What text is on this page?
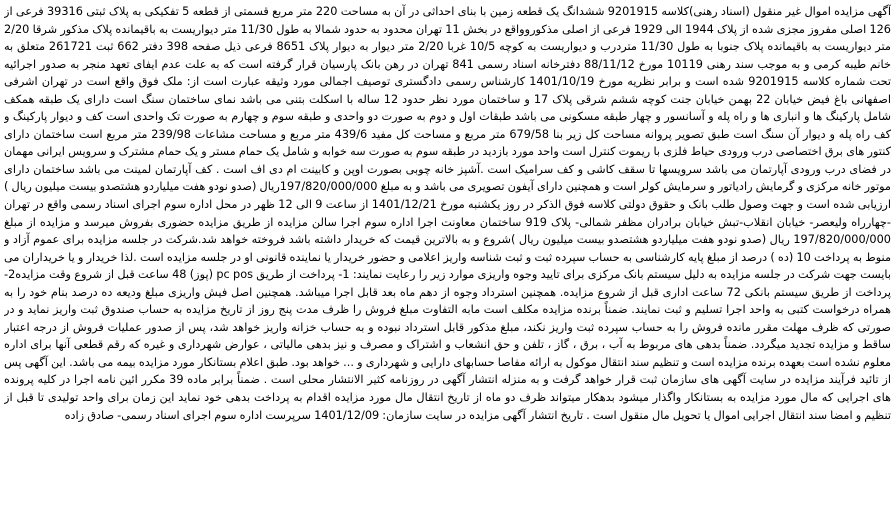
آگهی مزایده اموال غیر منقول (اسناد رهنی)کلاسه 9201915 ششدانگ یک قطعه زمین با بنای احداثی در آن به مساحت 220 متر مربع قسمتی از قطعه 5 تفکیکی به پلاک ثبتی 39316 فرعی از 126 اصلی مفروز مجزی شده از پلاک 1944 الی 1929 فرعی از اصلی مذکوروواقع در بخش 11 تهران محدود به حدود شمالا به طول 11/30 متر دیواریست به باقیمانده پلاک مذکور شرقا 2/20 متر دیواریست به باقیمانده پلاک جنوبا به طول 11/30 متردرب و دیواریست به کوچه 10/5 غربا 2/20 متر دیوار به دیوار پلاک 8651 فرعی ذیل صفحه 398 دفتر 662 ثبت 261721 متعلق به خانم طیبه کرمی و به موجب سند رهنی 10119 مورخ 88/11/12 دفترخانه اسناد رسمی 841 تهران در رهن بانک پارسیان قرار گرفته است که به علت عدم ایفای تعهد منجر به صدور اجرائیه تحت شماره کلاسه 9201915 شده است و برابر نظریه مورخ 1401/10/19 کارشناس رسمی دادگستری توصیف اجمالی مورد وثیقه عبارت است از: ملک فوق واقع است در تهران اشرفی اصفهانی باغ فیض خیابان 22 بهمن خیابان جنت کوچه ششم شرقی پلاک 17 و ساختمان مورد نظر حدود 12 ساله با اسکلت بتنی می باشد نمای ساختمان سنگ است دارای یک طبقه همکف شامل پارکینگ ها و انباری ها و راه پله و آسانسور و چهار طبقه مسکونی می باشد طبقات اول و دوم به صورت دو واحدی و طبقه سوم و چهارم به صورت تک واحدی است کف و دیوار پارکینگ و کف راه پله و دیوار آن سنگ است طبق تصویر پروانه مساحت کل زیر بنا 679/58 متر مربع و مساحت کل مفید 439/6 متر مربع و مساحت مشاعات 239/98 متر مربع است ساختمان دارای کنتور های برق اختصاصی درب ورودی حیاط فلزی با ریموت کنترل است واحد مورد بازدید در طبقه سوم به صورت سه خوابه و شامل یک حمام مستر و یک حمام مشترک و سرویس ایرانی مهمان در فضای درب ورودی آپارتمان می باشد سرویسها تا سقف کاشی و کف سرامیک است .آشپز خانه چوبی بصورت اوپن و کابینت ام دی اف است . کف آپارتمان لمینت می باشد ساختمان دارای موتور خانه مرکزی و گرمایش رادیاتور و سرمایش کولر است و همچنین دارای آیفون تصویری می باشد و به مبلغ 197/820/000/000ریال (صدو نودو هفت میلیاردو هشتصدو بیست میلیون ریال ) ارزیابی شده است و جهت وصول طلب بانک و حقوق دولتی کلاسه فوق الذکر در روز یکشنبه مورخ 1401/12/21 از ساعت 9 الی 12 ظهر در محل اداره سوم اجرای اسناد رسمی واقع در تهران -چهارراه ولیعصر- خیابان انقلاب-تبش خیابان برادران مظفر شمالی- پلاک 919 ساختمان معاونت اجرا اداره سوم اجرا سالن مزایده از طریق مزایده حضوری بفروش میرسد و مزایده از مبلغ 197/820/000/000 ریال (صدو نودو هفت میلیاردو هشتصدو بیست میلیون ریال )شروع و به بالاترین قیمت که خریدار داشته باشد فروخته خواهد شد.شرکت در جلسه مزایده برای عموم آزاد و منوط به پرداخت 10 (ده ) درصد از مبلغ پایه کارشناسی به حساب سپرده ثبت و ثبت شناسه واریز اعلامی و حضور خریدار یا نماینده قانونی او در جلسه مزایده است .لذا خریدار و یا خریداران می بایست جهت شرکت در جلسه مزایده به دلیل سیستم بانک مرکزی برای تایید وجوه واریزی موارد زیر را رعایت نمایند: 1- پرداخت از طریق pc pos (پوز) 48 ساعت قبل از شروع وقت مزایده2- پرداخت از طریق سیستم بانکی 72 ساعت اداری قبل از شروع مزایده. همچنین استرداد وجوه از دهم ماه بعد قابل اجرا میباشد. همچنین اصل فیش واریزی مبلغ ودیعه ده درصد بنام خود را به همراه درخواست کتبی به واحد اجرا تسلیم و ثبت نمایند. ضمناً برنده مزایده مکلف است مابه التفاوت مبلغ فروش را ظرف مدت پنج روز از تاریخ مزایده به حساب صندوق ثبت واریز نماید و در صورتی که ظرف مهلت مقرر مانده فروش را به حساب سپرده ثبت واریز نکند، مبلغ مذکور قابل استرداد نبوده و به حساب خزانه واریز خواهد شد، پس از صدور عملیات فروش از درجه اعتبار ساقط و مزایده تجدید میگردد. ضمناً بدهی های مربوط به آب ، برق ، گاز ، تلفن و حق انشعاب و اشتراک و مصرف و نیز بدهی مالیاتی ، عوارض شهرداری و غیره که رقم قطعی آنها برای اداره معلوم نشده است بعهده برنده مزایده است و تنظیم سند انتقال موکول به ارائه مفاصا حسابهای دارایی و شهرداری و ... خواهد بود. طبق اعلام بستانکار مورد مزایده بیمه می باشد. این آگهی پس از تائید فرآیند مزایده در سایت آگهی های سازمان ثبت قرار خواهد گرفت و به منزله انتشار آگهی در روزنامه کثیر الانتشار محلی است . ضمناً برابر ماده 39 مکرر ائین نامه اجرا در کلیه پرونده های اجرایی که مال مورد مزایده به بستانکار واگذار میشود بدهکار میتواند ظرف دو ماه از تاریخ انتقال مال مورد مزایده اقدام به پرداخت بدهی خود نماید این زمان برای واحد تولیدی تا قبل از تنظیم و امضا سند انتقال اجرایی اموال یا تحویل مال منقول است . تاریخ انتشار آگهی مزایده در سایت سازمان: 1401/12/09 سرپرست اداره سوم اجرای اسناد رسمی- صادق زاده
